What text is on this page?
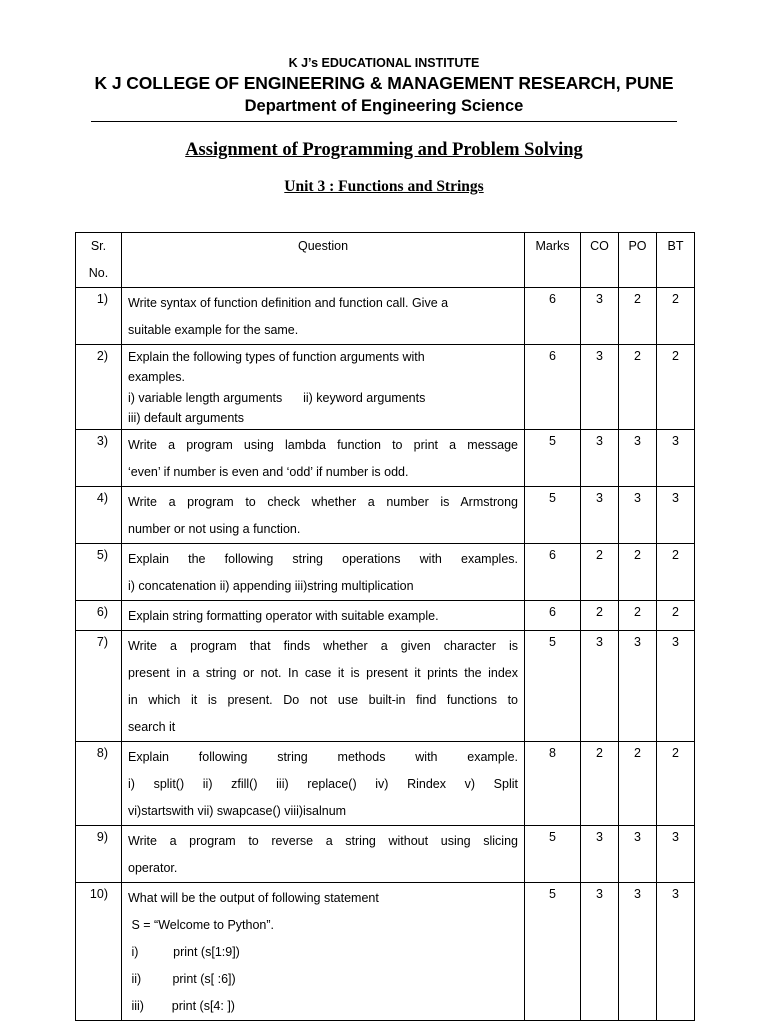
K J’s EDUCATIONAL INSTITUTE
K J COLLEGE OF ENGINEERING & MANAGEMENT RESEARCH, PUNE
Department of Engineering Science
Assignment of Programming and Problem Solving
Unit 3 : Functions and Strings
Sr.
No.	Question	Marks	CO	PO	BT

1)	Write syntax of function definition and function call. Give a
suitable example for the same.	6	3	2	2

2)	Explain the following types of function arguments with
examples.
i) variable length arguments      ii) keyword arguments
iii) default arguments	6	3	2	2

3)	Write a program using lambda function to print a message
‘even’ if number is even and ‘odd’ if number is odd.	5	3	3	3

4)	Write a program to check whether a number is Armstrong
number or not using a function.	5	3	3	3

5)	Explain the following string operations with examples.
i) concatenation ii) appending iii)string multiplication	6	2	2	2

6)	Explain string formatting operator with suitable example.	6	2	2	2

7)	Write a program that finds whether a given character is
present in a string or not. In case it is present it prints the index
in which it is present. Do not use built-in find functions to
search it	5	3	3	3

8)	Explain following string methods with example.
i) split() ii) zfill() iii) replace() iv) Rindex v) Split
vi)startswith vii) swapcase() viii)isalnum	8	2	2	2

9)	Write a program to reverse a string without using slicing
operator.	5	3	3	3

10)	What will be the output of following statement
S = “Welcome to Python”.
i)          print (s[1:9])
ii)         print (s[ :6])
iii)        print (s[4: ])	5	3	3	3
